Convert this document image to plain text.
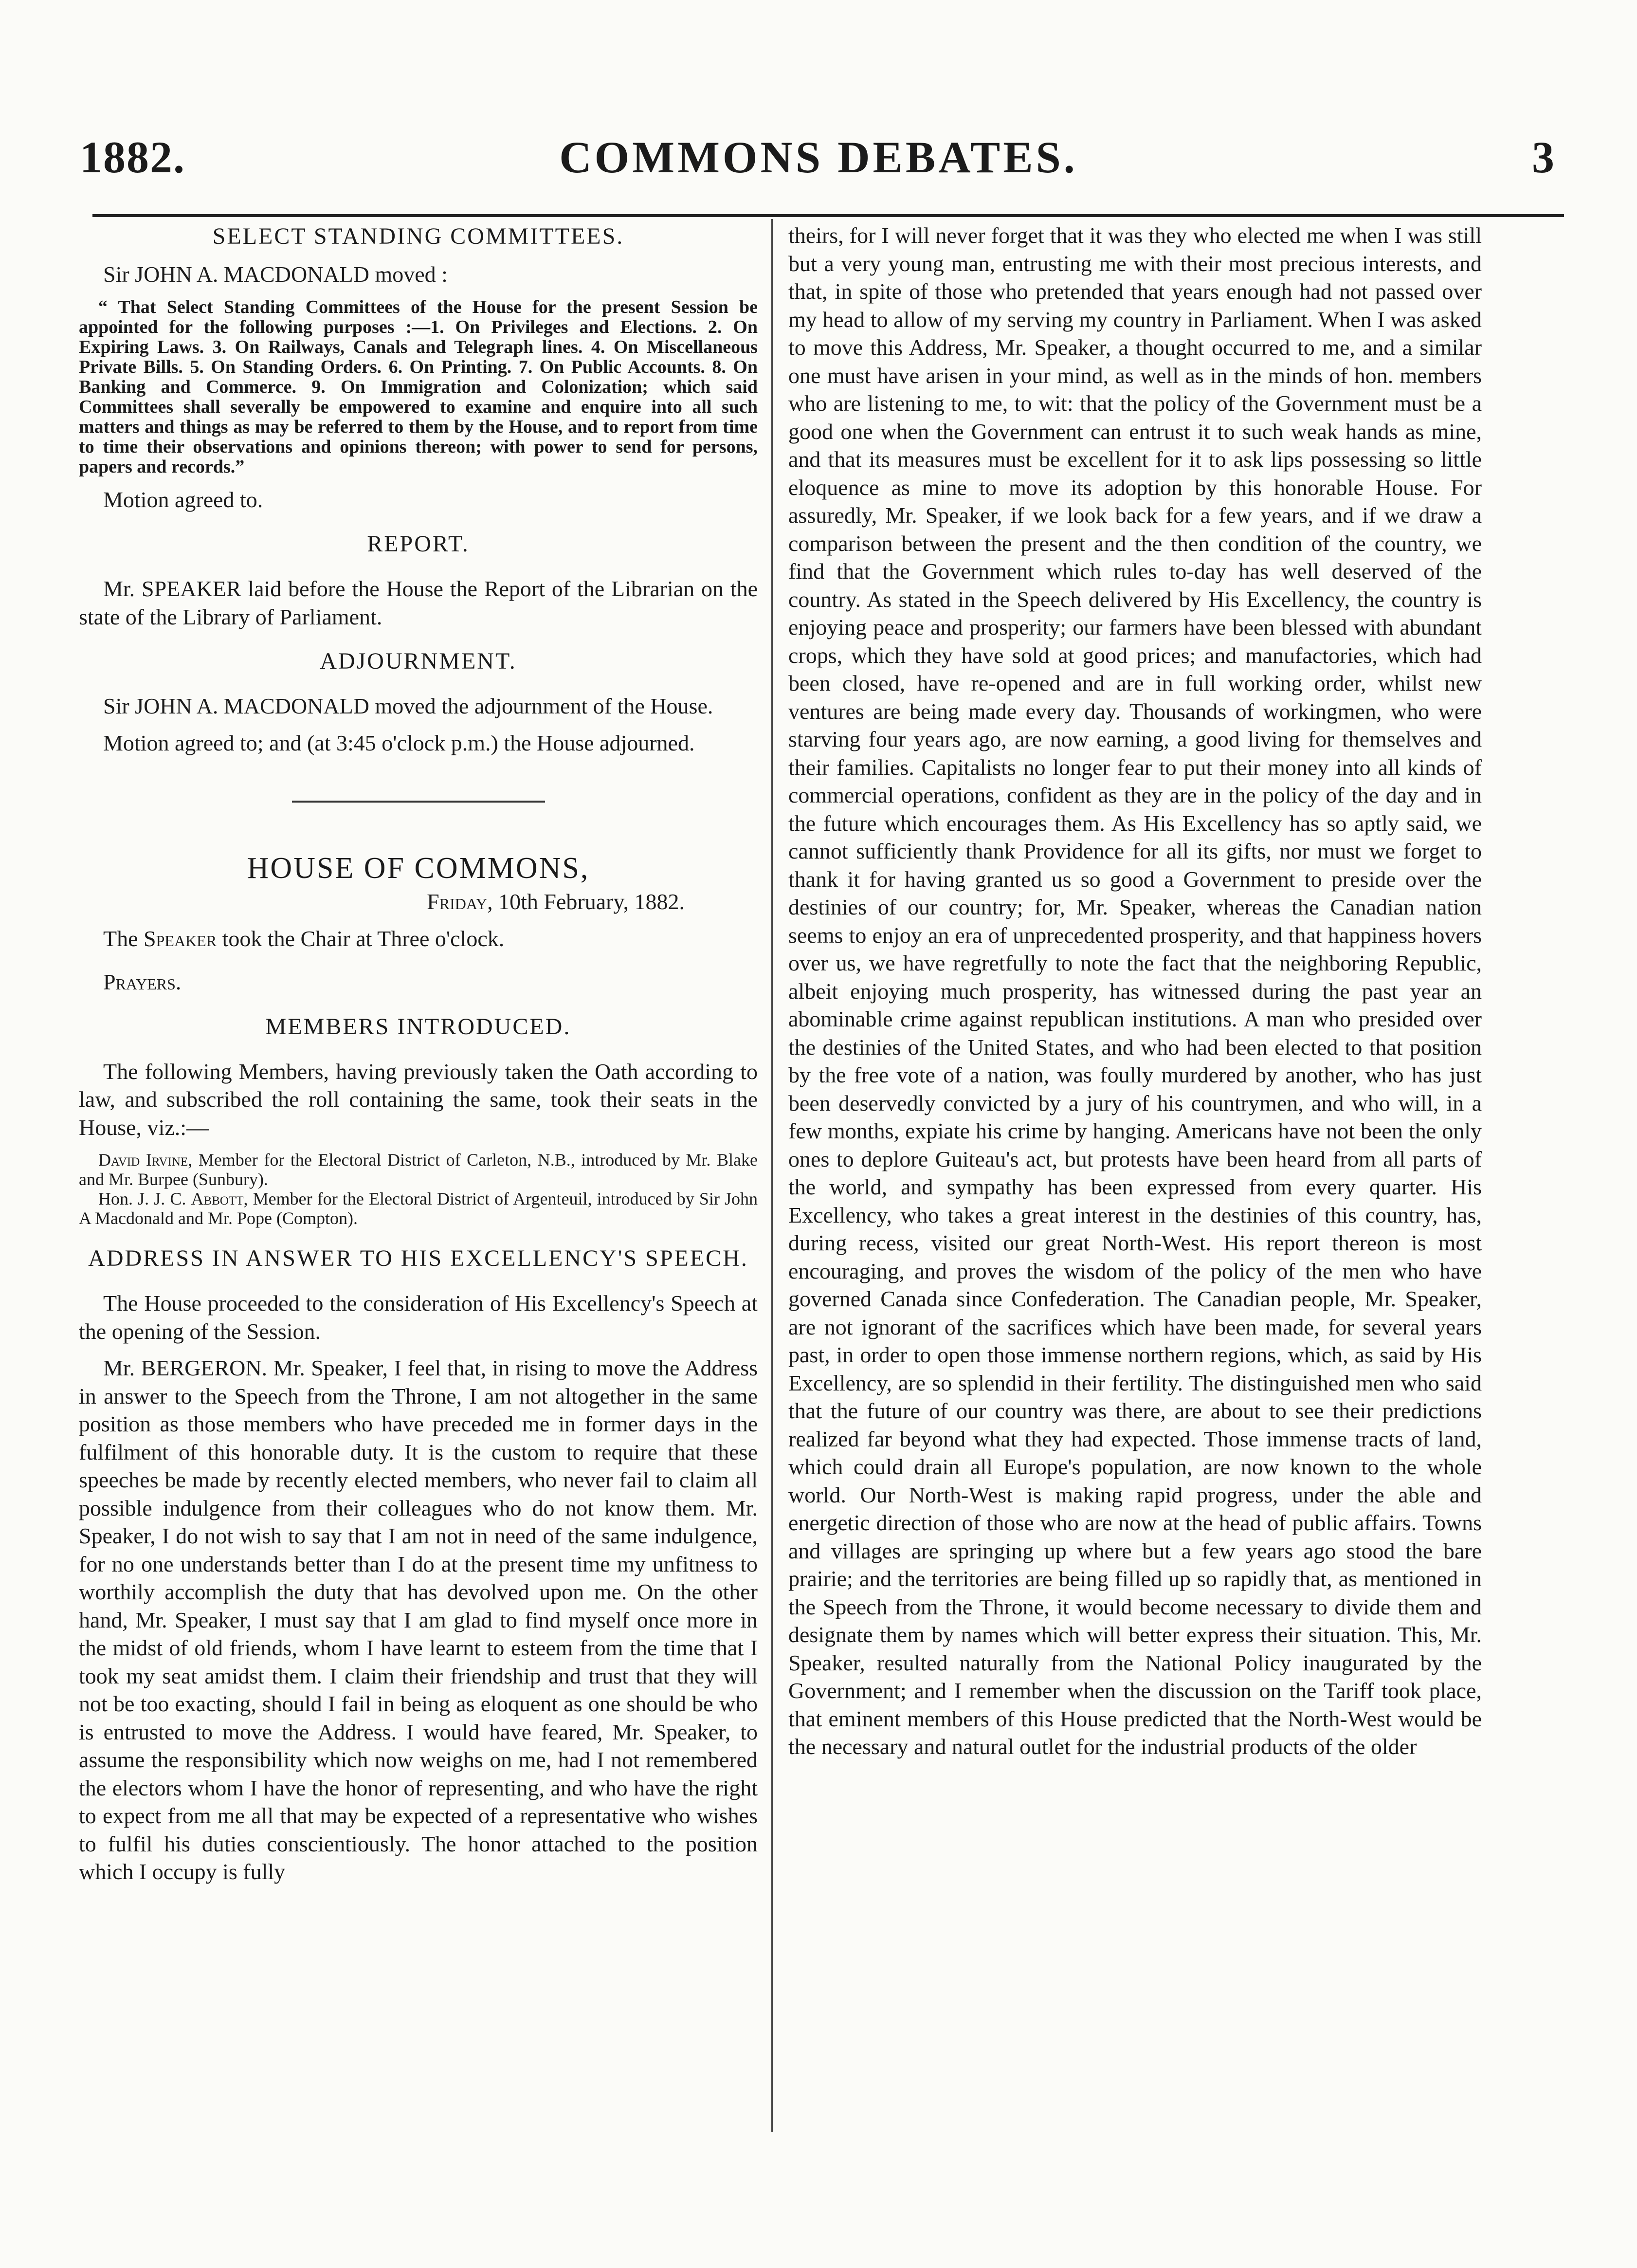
1882.	COMMONS DEBATES.	3
SELECT STANDING COMMITTEES.

Sir JOHN A. MACDONALD moved :

“ That Select Standing Committees of the House for the present Session be appointed for the following purposes :—1. On Privileges and Elections. 2. On Expiring Laws. 3. On Railways, Canals and Telegraph lines. 4. On Miscellaneous Private Bills. 5. On Standing Orders. 6. On Printing. 7. On Public Accounts. 8. On Banking and Commerce. 9. On Immigration and Colonization; which said Committees shall severally be empowered to examine and enquire into all such matters and things as may be referred to them by the House, and to report from time to time their observations and opinions thereon; with power to send for persons, papers and records.”

Motion agreed to.

REPORT.

Mr. SPEAKER laid before the House the Report of the Librarian on the state of the Library of Parliament.

ADJOURNMENT.

Sir JOHN A. MACDONALD moved the adjournment of the House.

Motion agreed to; and (at 3:45 o'clock p.m.) the House adjourned.

HOUSE OF COMMONS,

Friday, 10th February, 1882.

The Speaker took the Chair at Three o'clock.

Prayers.

MEMBERS INTRODUCED.

The following Members, having previously taken the Oath according to law, and subscribed the roll containing the same, took their seats in the House, viz.:—

David Irvine, Member for the Electoral District of Carleton, N.B., introduced by Mr. Blake and Mr. Burpee (Sunbury).

Hon. J. J. C. Abbott, Member for the Electoral District of Argenteuil, introduced by Sir John A Macdonald and Mr. Pope (Compton).

ADDRESS IN ANSWER TO HIS EXCELLENCY'S SPEECH.

The House proceeded to the consideration of His Excellency's Speech at the opening of the Session.

Mr. BERGERON. Mr. Speaker, I feel that, in rising to move the Address in answer to the Speech from the Throne, I am not altogether in the same position as those members who have preceded me in former days in the fulfilment of this honorable duty. It is the custom to require that these speeches be made by recently elected members, who never fail to claim all possible indulgence from their colleagues who do not know them. Mr. Speaker, I do not wish to say that I am not in need of the same indulgence, for no one understands better than I do at the present time my unfitness to worthily accomplish the duty that has devolved upon me. On the other hand, Mr. Speaker, I must say that I am glad to find myself once more in the midst of old friends, whom I have learnt to esteem from the time that I took my seat amidst them. I claim their friendship and trust that they will not be too exacting, should I fail in being as eloquent as one should be who is entrusted to move the Address. I would have feared, Mr. Speaker, to assume the responsibility which now weighs on me, had I not remembered the electors whom I have the honor of representing, and who have the right to expect from me all that may be expected of a representative who wishes to fulfil his duties conscientiously. The honor attached to the position which I occupy is fully

theirs, for I will never forget that it was they who elected me when I was still but a very young man, entrusting me with their most precious interests, and that, in spite of those who pretended that years enough had not passed over my head to allow of my serving my country in Parliament. When I was asked to move this Address, Mr. Speaker, a thought occurred to me, and a similar one must have arisen in your mind, as well as in the minds of hon. members who are listening to me, to wit: that the policy of the Government must be a good one when the Government can entrust it to such weak hands as mine, and that its measures must be excellent for it to ask lips possessing so little eloquence as mine to move its adoption by this honorable House. For assuredly, Mr. Speaker, if we look back for a few years, and if we draw a comparison between the present and the then condition of the country, we find that the Government which rules to-day has well deserved of the country. As stated in the Speech delivered by His Excellency, the country is enjoying peace and prosperity; our farmers have been blessed with abundant crops, which they have sold at good prices; and manufactories, which had been closed, have re-opened and are in full working order, whilst new ventures are being made every day. Thousands of workingmen, who were starving four years ago, are now earning, a good living for themselves and their families. Capitalists no longer fear to put their money into all kinds of commercial operations, confident as they are in the policy of the day and in the future which encourages them. As His Excellency has so aptly said, we cannot sufficiently thank Providence for all its gifts, nor must we forget to thank it for having granted us so good a Government to preside over the destinies of our country; for, Mr. Speaker, whereas the Canadian nation seems to enjoy an era of unprecedented prosperity, and that happiness hovers over us, we have regretfully to note the fact that the neighboring Republic, albeit enjoying much prosperity, has witnessed during the past year an abominable crime against republican institutions. A man who presided over the destinies of the United States, and who had been elected to that position by the free vote of a nation, was foully murdered by another, who has just been deservedly convicted by a jury of his countrymen, and who will, in a few months, expiate his crime by hanging. Americans have not been the only ones to deplore Guiteau's act, but protests have been heard from all parts of the world, and sympathy has been expressed from every quarter. His Excellency, who takes a great interest in the destinies of this country, has, during recess, visited our great North-West. His report thereon is most encouraging, and proves the wisdom of the policy of the men who have governed Canada since Confederation. The Canadian people, Mr. Speaker, are not ignorant of the sacrifices which have been made, for several years past, in order to open those immense northern regions, which, as said by His Excellency, are so splendid in their fertility. The distinguished men who said that the future of our country was there, are about to see their predictions realized far beyond what they had expected. Those immense tracts of land, which could drain all Europe's population, are now known to the whole world. Our North-West is making rapid progress, under the able and energetic direction of those who are now at the head of public affairs. Towns and villages are springing up where but a few years ago stood the bare prairie; and the territories are being filled up so rapidly that, as mentioned in the Speech from the Throne, it would become necessary to divide them and designate them by names which will better express their situation. This, Mr. Speaker, resulted naturally from the National Policy inaugurated by the Government; and I remember when the discussion on the Tariff took place, that eminent members of this House predicted that the North-West would be the necessary and natural outlet for the industrial products of the older
